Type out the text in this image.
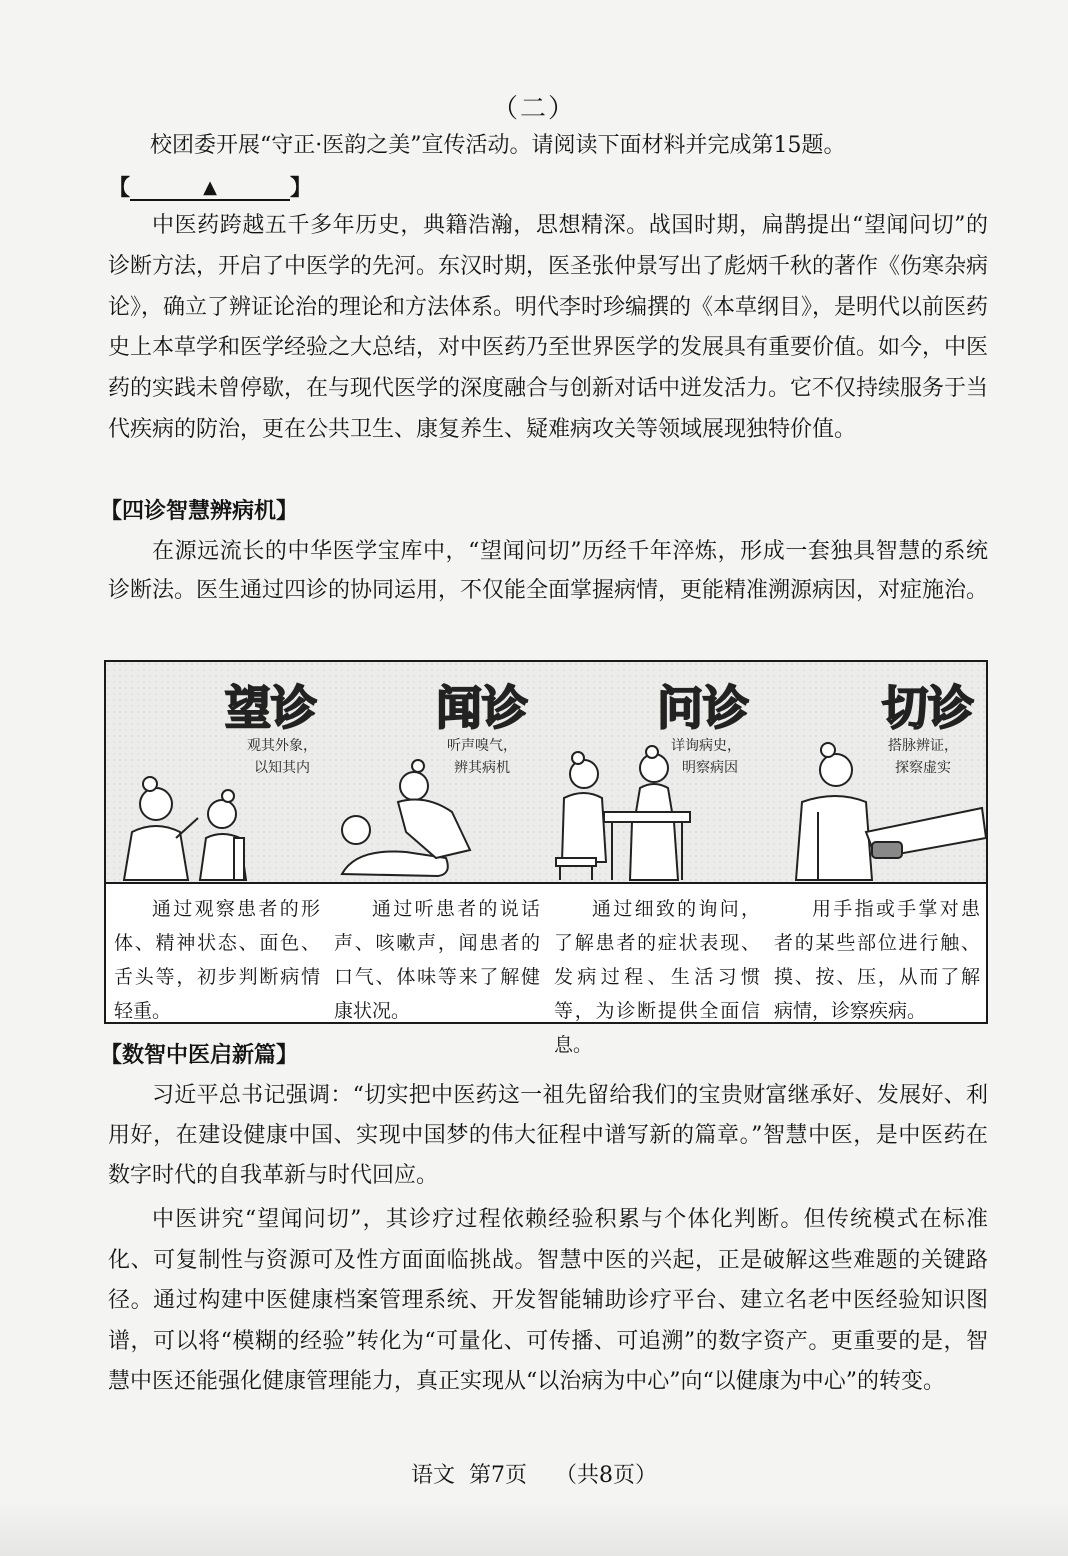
（二）
校团委开展“守正·医韵之美”宣传活动。请阅读下面材料并完成第15题。
【	▲	】
中医药跨越五千多年历史，典籍浩瀚，思想精深。战国时期，扁鹊提出“望闻问切”的诊断方法，开启了中医学的先河。东汉时期，医圣张仲景写出了彪炳千秋的著作《伤寒杂病论》，确立了辨证论治的理论和方法体系。明代李时珍编撰的《本草纲目》，是明代以前医药史上本草学和医学经验之大总结，对中医药乃至世界医学的发展具有重要价值。如今，中医药的实践未曾停歇，在与现代医学的深度融合与创新对话中迸发活力。它不仅持续服务于当代疾病的防治，更在公共卫生、康复养生、疑难病攻关等领域展现独特价值。
【四诊智慧辨病机】
在源远流长的中华医学宝库中，“望闻问切”历经千年淬炼，形成一套独具智慧的系统诊断法。医生通过四诊的协同运用，不仅能全面掌握病情，更能精准溯源病因，对症施治。
望诊
观其外象，
以知其内
闻诊
听声嗅气，
辨其病机
问诊
详询病史，
明察病因
切诊
搭脉辨证，
探察虚实
通过观察患者的形体、精神状态、面色、舌头等，初步判断病情轻重。
通过听患者的说话声、咳嗽声，闻患者的口气、体味等来了解健康状况。
通过细致的询问，了解患者的症状表现、发病过程、生活习惯等，为诊断提供全面信息。
用手指或手掌对患者的某些部位进行触、摸、按、压，从而了解病情，诊察疾病。
【数智中医启新篇】
习近平总书记强调：“切实把中医药这一祖先留给我们的宝贵财富继承好、发展好、利用好，在建设健康中国、实现中国梦的伟大征程中谱写新的篇章。”智慧中医，是中医药在数字时代的自我革新与时代回应。
中医讲究“望闻问切”，其诊疗过程依赖经验积累与个体化判断。但传统模式在标准化、可复制性与资源可及性方面面临挑战。智慧中医的兴起，正是破解这些难题的关键路径。通过构建中医健康档案管理系统、开发智能辅助诊疗平台、建立名老中医经验知识图谱，可以将“模糊的经验”转化为“可量化、可传播、可追溯”的数字资产。更重要的是，智慧中医还能强化健康管理能力，真正实现从“以治病为中心”向“以健康为中心”的转变。
语文 第7页 （共8页）
